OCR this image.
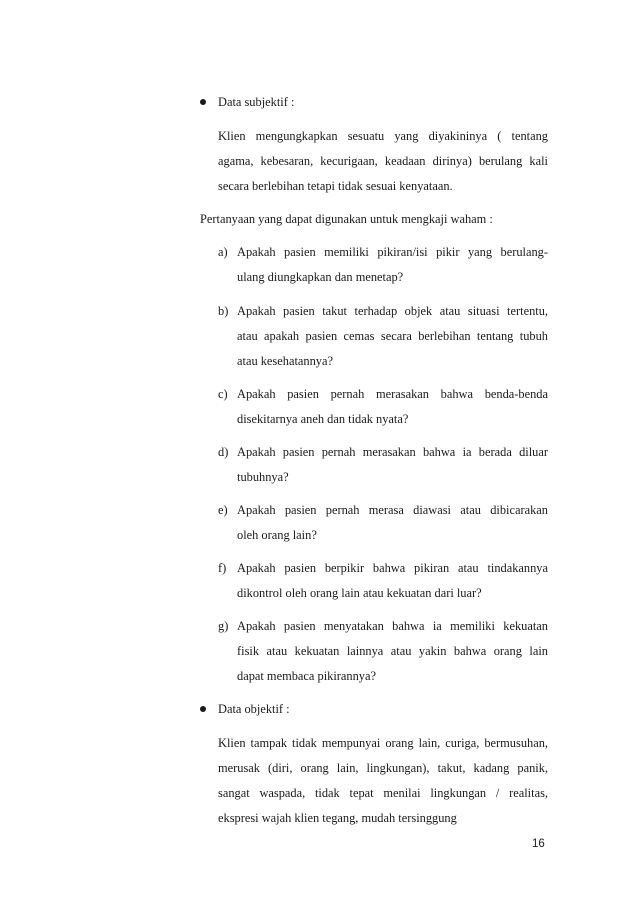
Data subjektif :
Klien mengungkapkan sesuatu yang diyakininya ( tentang
agama, kebesaran, kecurigaan, keadaan dirinya) berulang kali
secara berlebihan tetapi tidak sesuai kenyataan.
Pertanyaan yang dapat digunakan untuk mengkaji waham :
a) Apakah pasien memiliki pikiran/isi pikir yang berulang-
ulang diungkapkan dan menetap?
b) Apakah pasien takut terhadap objek atau situasi tertentu,
atau apakah pasien cemas secara berlebihan tentang tubuh
atau kesehatannya?
c) Apakah pasien pernah merasakan bahwa benda-benda
disekitarnya aneh dan tidak nyata?
d) Apakah pasien pernah merasakan bahwa ia berada diluar
tubuhnya?
e) Apakah pasien pernah merasa diawasi atau dibicarakan
oleh orang lain?
f) Apakah pasien berpikir bahwa pikiran atau tindakannya
dikontrol oleh orang lain atau kekuatan dari luar?
g) Apakah pasien menyatakan bahwa ia memiliki kekuatan
fisik atau kekuatan lainnya atau yakin bahwa orang lain
dapat membaca pikirannya?
Data objektif :
Klien tampak tidak mempunyai orang lain, curiga, bermusuhan,
merusak (diri, orang lain, lingkungan), takut, kadang panik,
sangat waspada, tidak tepat menilai lingkungan / realitas,
ekspresi wajah klien tegang, mudah tersinggung
16
